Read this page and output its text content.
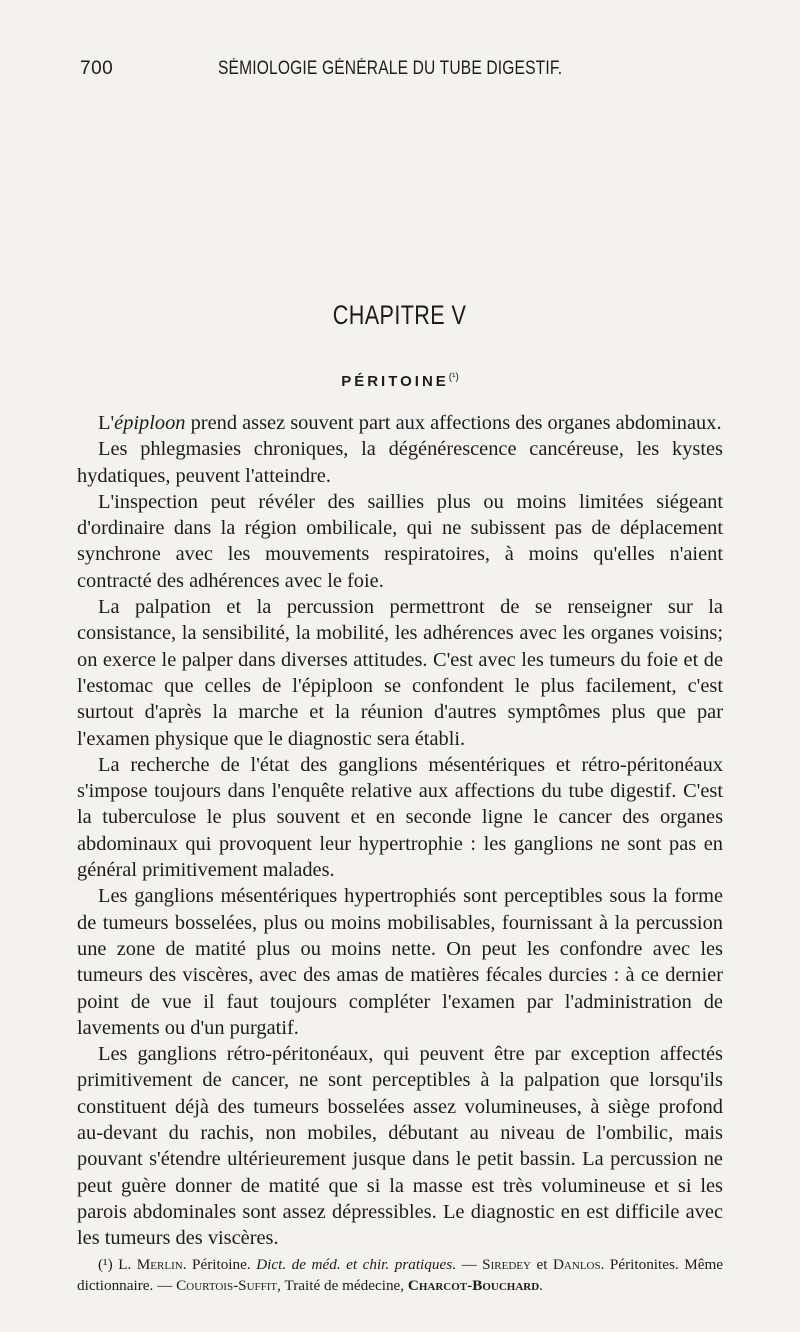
700	SÉMIOLOGIE GÉNÉRALE DU TUBE DIGESTIF.
CHAPITRE V
$PÉRITOINE^{(^1)}$

L'épiploon prend assez souvent part aux affections des organes abdominaux.

Les phlegmasies chroniques, la dégénérescence cancéreuse, les kystes hydatiques, peuvent l'atteindre.

L'inspection peut révéler des saillies plus ou moins limitées siégeant d'ordinaire dans la région ombilicale, qui ne subissent pas de déplacement synchrone avec les mouvements respiratoires, à moins qu'elles n'aient contracté des adhérences avec le foie.

La palpation et la percussion permettront de se renseigner sur la consistance, la sensibilité, la mobilité, les adhérences avec les organes voisins; on exerce le palper dans diverses attitudes. C'est avec les tumeurs du foie et de l'estomac que celles de l'épiploon se confondent le plus facilement, c'est surtout d'après la marche et la réunion d'autres symptômes plus que par l'examen physique que le diagnostic sera établi.

La recherche de l'état des ganglions mésentériques et rétro-péritonéaux s'impose toujours dans l'enquête relative aux affections du tube digestif. C'est la tuberculose le plus souvent et en seconde ligne le cancer des organes abdominaux qui provoquent leur hypertrophie : les ganglions ne sont pas en général primitivement malades.

Les ganglions mésentériques hypertrophiés sont perceptibles sous la forme de tumeurs bosselées, plus ou moins mobilisables, fournissant à la percussion une zone de matité plus ou moins nette. On peut les confondre avec les tumeurs des viscères, avec des amas de matières fécales durcies : à ce dernier point de vue il faut toujours compléter l'examen par l'administration de lavements ou d'un purgatif.

Les ganglions rétro-péritonéaux, qui peuvent être par exception affectés primitivement de cancer, ne sont perceptibles à la palpation que lorsqu'ils constituent déjà des tumeurs bosselées assez volumineuses, à siège profond au-devant du rachis, non mobiles, débutant au niveau de l'ombilic, mais pouvant s'étendre ultérieurement jusque dans le petit bassin. La percussion ne peut guère donner de matité que si la masse est très volumineuse et si les parois abdominales sont assez dépressibles. Le diagnostic en est difficile avec les tumeurs des viscères.

(¹) L. Merlin. Péritoine. Dict. de méd. et chir. pratiques. — Siredey et Danlos. Péritonites. Même dictionnaire. — Courtois-Suffit, Traité de médecine, Charcot-Bouchard.
